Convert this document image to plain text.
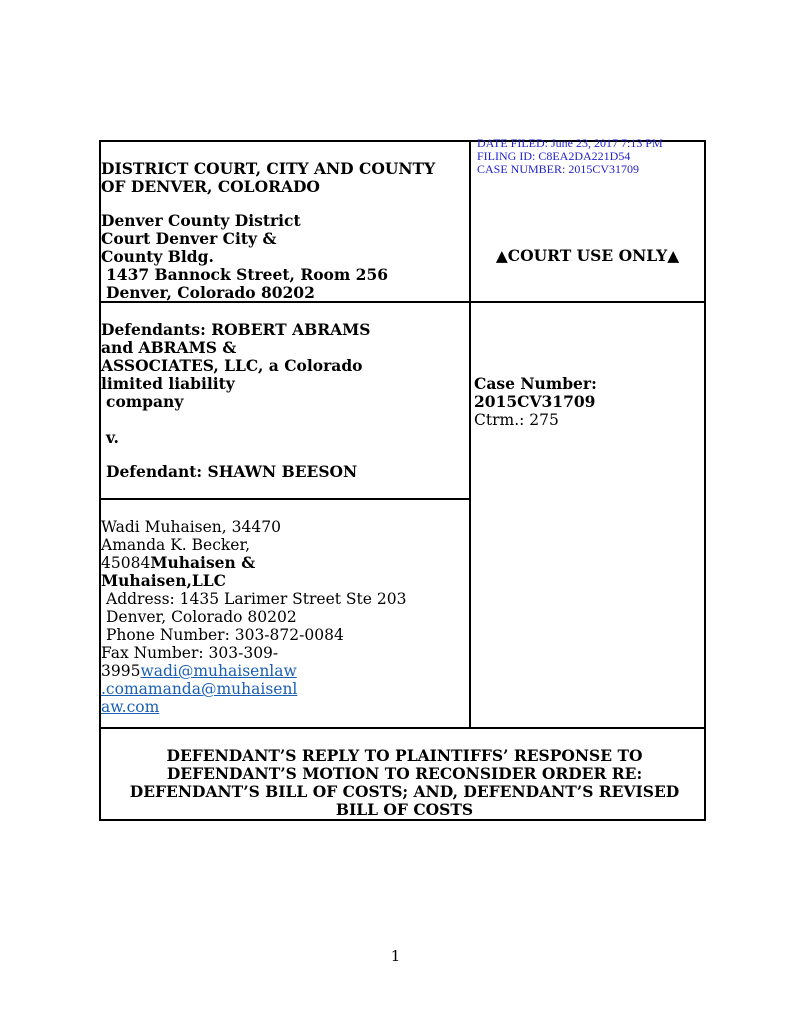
DATE FILED: June 23, 2017 7:13 PM
FILING ID: C8EA2DA221D54
CASE NUMBER: 2015CV31709
DISTRICT COURT, CITY AND COUNTY
OF DENVER, COLORADO
Denver County District
Court Denver City &
County Bldg.
1437 Bannock Street, Room 256
Denver, Colorado 80202
▲COURT USE ONLY▲
Defendants: ROBERT ABRAMS
and ABRAMS &
ASSOCIATES, LLC, a Colorado
limited liability
company
v.
Defendant: SHAWN BEESON
Case Number:
2015CV31709
Ctrm.: 275
Wadi Muhaisen, 34470
Amanda K. Becker,
45084Muhaisen &
Muhaisen,LLC
Address: 1435 Larimer Street Ste 203
Denver, Colorado 80202
Phone Number: 303-872-0084
Fax Number: 303-309-
3995wadi@muhaisenlaw
.comamanda@muhaisenl
aw.com
DEFENDANT’S REPLY TO PLAINTIFFS’ RESPONSE TO
DEFENDANT’S MOTION TO RECONSIDER ORDER RE:
DEFENDANT’S BILL OF COSTS; AND, DEFENDANT’S REVISED
BILL OF COSTS
1
